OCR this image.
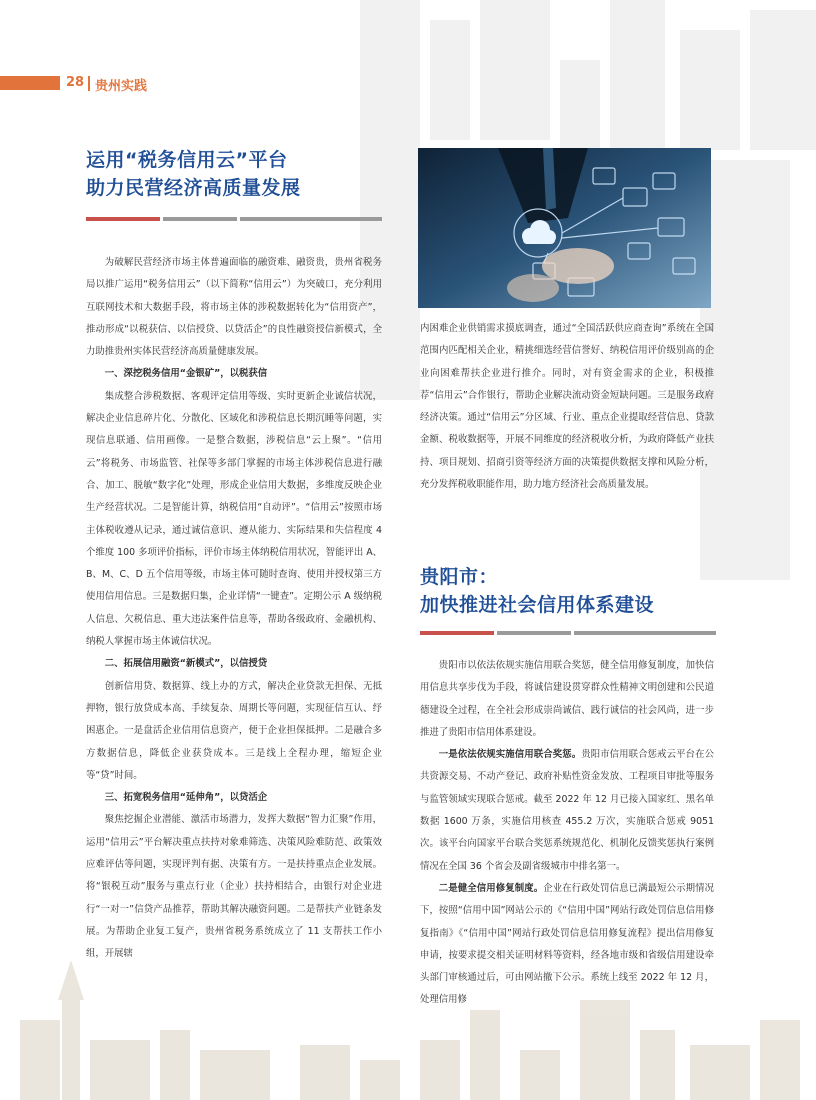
28 贵州实践
运用“税务信用云”平台
助力民营经济高质量发展

为破解民营经济市场主体普遍面临的融资难、融资贵，贵州省税务局以推广运用“税务信用云”（以下简称“信用云”）为突破口，充分利用互联网技术和大数据手段，将市场主体的涉税数据转化为“信用资产”，推动形成“以税获信、以信授贷、以贷活企”的良性融资授信新模式，全力助推贵州实体民营经济高质量健康发展。

一、深挖税务信用“金银矿”，以税获信

集成整合涉税数据、客观评定信用等级、实时更新企业诚信状况，解决企业信息碎片化、分散化、区域化和涉税信息长期沉睡等问题，实现信息联通、信用画像。一是整合数据，涉税信息“云上聚”。“信用云”将税务、市场监管、社保等多部门掌握的市场主体涉税信息进行融合、加工、脱敏“数字化”处理，形成企业信用大数据，多维度反映企业生产经营状况。二是智能计算，纳税信用“自动评”。“信用云”按照市场主体税收遵从记录，通过诚信意识、遵从能力、实际结果和失信程度 4 个维度 100 多项评价指标，评价市场主体纳税信用状况，智能评出 A、B、M、C、D 五个信用等级，市场主体可随时查询、使用并授权第三方使用信用信息。三是数据归集，企业详情“一键查”。定期公示 A 级纳税人信息、欠税信息、重大违法案件信息等，帮助各级政府、金融机构、纳税人掌握市场主体诚信状况。

二、拓展信用融资“新模式”，以信授贷

创新信用贷、数据算、线上办的方式，解决企业贷款无担保、无抵押物，银行放贷成本高、手续复杂、周期长等问题，实现征信互认、纾困惠企。一是盘活企业信用信息资产，便于企业担保抵押。二是融合多方数据信息，降低企业获贷成本。三是线上全程办理，缩短企业等“贷”时间。

三、拓宽税务信用“延伸角”，以贷活企

聚焦挖掘企业潜能、激活市场潜力，发挥大数据“智力汇聚”作用，运用“信用云”平台解决重点扶持对象难筛选、决策风险难防范、政策效应难评估等问题，实现评判有据、决策有方。一是扶持重点企业发展。将“银税互动”服务与重点行业（企业）扶持相结合，由银行对企业进行“一对一”信贷产品推荐，帮助其解决融资问题。二是帮扶产业链条发展。为帮助企业复工复产，贵州省税务系统成立了 11 支帮扶工作小组，开展辖

内困难企业供销需求摸底调查，通过“全国活跃供应商查询”系统在全国范围内匹配相关企业，精挑细选经营信誉好、纳税信用评价级别高的企业向困难帮扶企业进行推介。同时，对有资金需求的企业，积极推荐“信用云”合作银行，帮助企业解决流动资金短缺问题。三是服务政府经济决策。通过“信用云”分区域、行业、重点企业提取经营信息、贷款金额、税收数据等，开展不同维度的经济税收分析，为政府降低产业扶持、项目规划、招商引资等经济方面的决策提供数据支撑和风险分析，充分发挥税收职能作用，助力地方经济社会高质量发展。

贵阳市：
加快推进社会信用体系建设

贵阳市以依法依规实施信用联合奖惩，健全信用修复制度，加快信用信息共享步伐为手段，将诚信建设贯穿群众性精神文明创建和公民道德建设全过程，在全社会形成崇尚诚信、践行诚信的社会风尚，进一步推进了贵阳市信用体系建设。

一是依法依规实施信用联合奖惩。贵阳市信用联合惩戒云平台在公共资源交易、不动产登记、政府补贴性资金发放、工程项目审批等服务与监管领域实现联合惩戒。截至 2022 年 12 月已接入国家红、黑名单数据 1600 万条，实施信用核查 455.2 万次，实施联合惩戒 9051 次。该平台向国家平台联合奖惩系统规范化、机制化反馈奖惩执行案例情况在全国 36 个省会及副省级城市中排名第一。

二是健全信用修复制度。企业在行政处罚信息已满最短公示期情况下，按照“信用中国”网站公示的《“信用中国”网站行政处罚信息信用修复指南》《“信用中国”网站行政处罚信息信用修复流程》提出信用修复申请，按要求提交相关证明材料等资料，经各地市级和省级信用建设牵头部门审核通过后，可由网站撤下公示。系统上线至 2022 年 12 月，处理信用修
